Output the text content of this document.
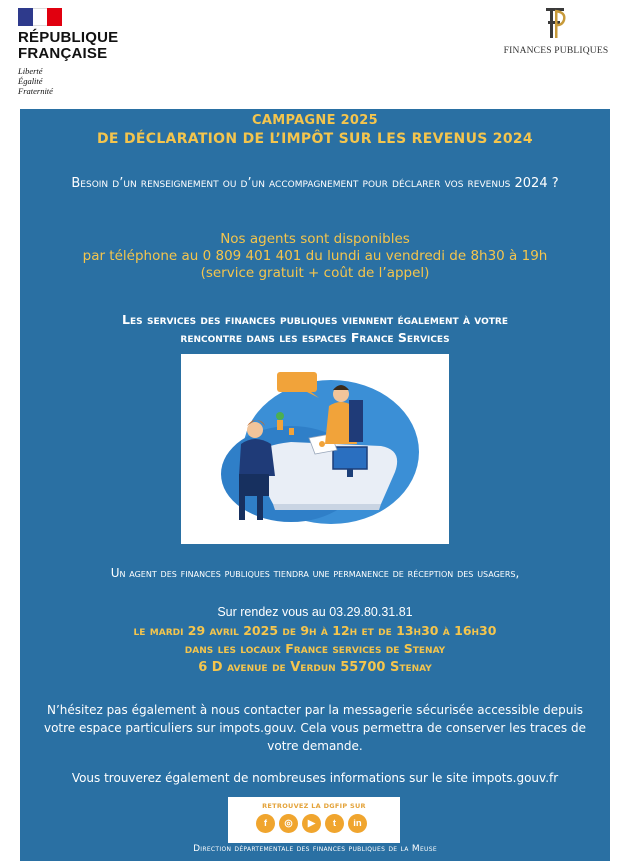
RÉPUBLIQUE
FRANÇAISE
Liberté
Égalité
Fraternité
FINANCES PUBLIQUES

CAMPAGNE 2025

DE DÉCLARATION DE L’IMPÔT SUR LES REVENUS 2024

Besoin d’un renseignement ou d’un accompagnement pour déclarer vos revenus 2024 ?

Nos agents sont disponibles
par téléphone au 0 809 401 401 du lundi au vendredi de 8h30 à 19h
(service gratuit + coût de l’appel)
Les services des finances publiques viennent également à votre
rencontre dans les espaces France Services

Un agent des finances publiques tiendra une permanence de réception des usagers,

Sur rendez vous au 03.29.80.31.81

le mardi 29 avril 2025 de 9h à 12h et de 13h30 à 16h30

dans les locaux France services de Stenay

6 D avenue de Verdun 55700 Stenay

N’hésitez pas également à nous contacter par la messagerie sécurisée accessible depuis votre espace particuliers sur impots.gouv. Cela vous permettra de conserver les traces de votre demande.

Vous trouverez également de nombreuses informations sur le site impots.gouv.fr

RETROUVEZ LA DGFIP SUR
f	◎	▶	t	in

Direction départementale des finances publiques de la Meuse
